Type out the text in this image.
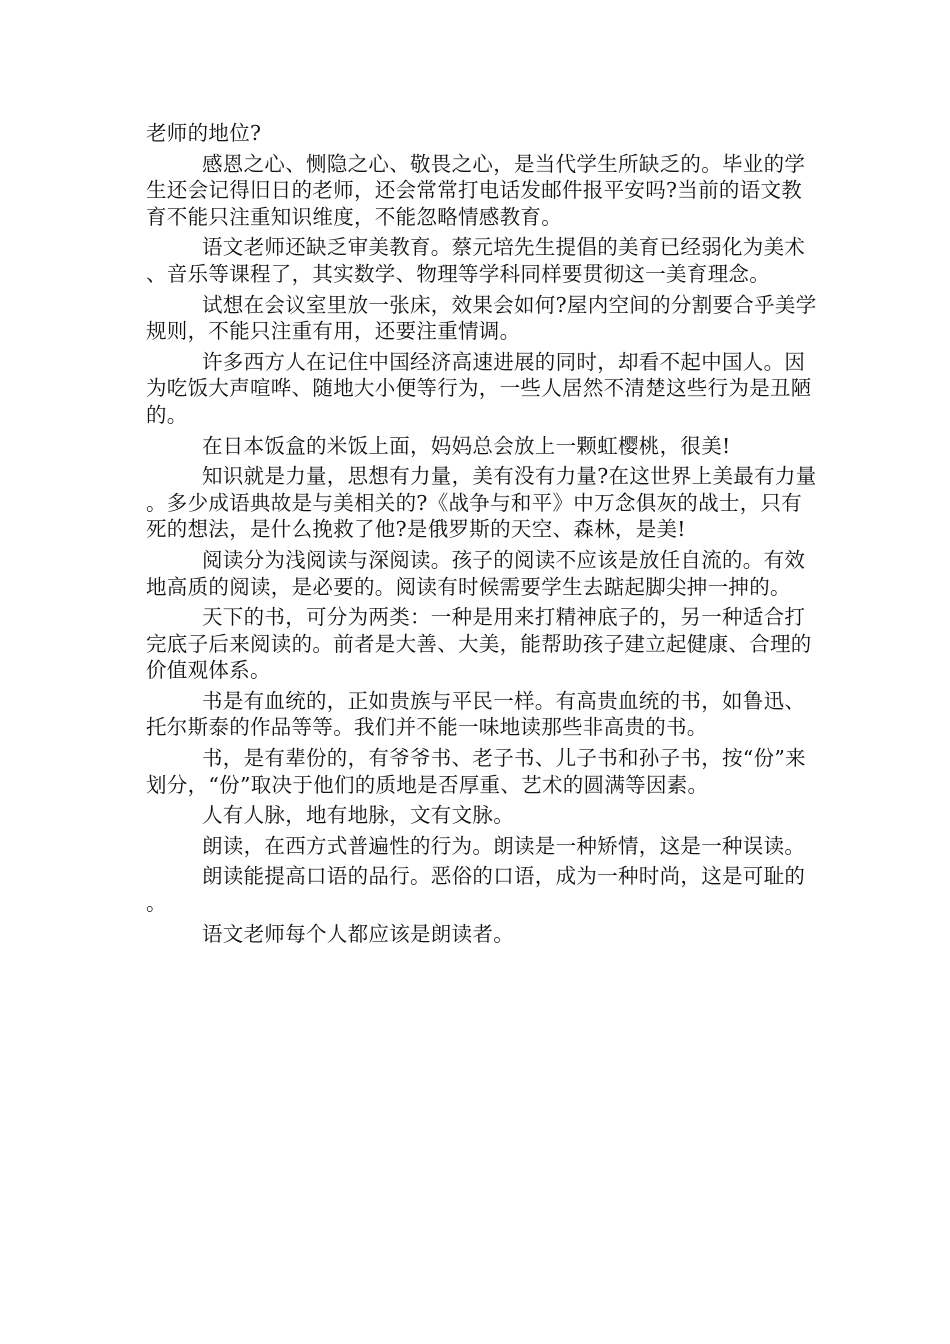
老师的地位?

感恩之心、恻隐之心、敬畏之心，是当代学生所缺乏的。毕业的学生还会记得旧日的老师，还会常常打电话发邮件报平安吗?当前的语文教育不能只注重知识维度，不能忽略情感教育。

语文老师还缺乏审美教育。蔡元培先生提倡的美育已经弱化为美术、音乐等课程了，其实数学、物理等学科同样要贯彻这一美育理念。

试想在会议室里放一张床，效果会如何?屋内空间的分割要合乎美学规则，不能只注重有用，还要注重情调。

许多西方人在记住中国经济高速进展的同时，却看不起中国人。因为吃饭大声喧哗、随地大小便等行为，一些人居然不清楚这些行为是丑陋的。

在日本饭盒的米饭上面，妈妈总会放上一颗虹樱桃，很美!

知识就是力量，思想有力量，美有没有力量?在这世界上美最有力量。多少成语典故是与美相关的?《战争与和平》中万念俱灰的战士，只有死的想法，是什么挽救了他?是俄罗斯的天空、森林，是美!

阅读分为浅阅读与深阅读。孩子的阅读不应该是放任自流的。有效地高质的阅读，是必要的。阅读有时候需要学生去踮起脚尖抻一抻的。

天下的书，可分为两类：一种是用来打精神底子的，另一种适合打完底子后来阅读的。前者是大善、大美，能帮助孩子建立起健康、合理的价值观体系。

书是有血统的，正如贵族与平民一样。有高贵血统的书，如鲁迅、托尔斯泰的作品等等。我们并不能一味地读那些非高贵的书。

书，是有辈份的，有爷爷书、老子书、儿子书和孙子书，按“份”来划分，“份”取决于他们的质地是否厚重、艺术的圆满等因素。

人有人脉，地有地脉，文有文脉。

朗读，在西方式普遍性的行为。朗读是一种矫情，这是一种误读。

朗读能提高口语的品行。恶俗的口语，成为一种时尚，这是可耻的。

语文老师每个人都应该是朗读者。
